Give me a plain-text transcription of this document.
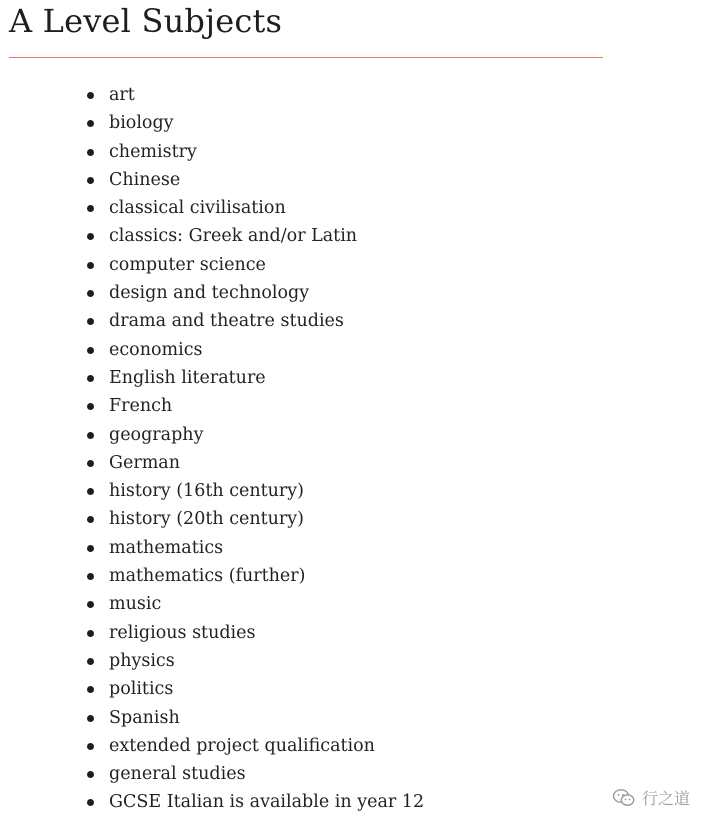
A Level Subjects
art
biology
chemistry
Chinese
classical civilisation
classics: Greek and/or Latin
computer science
design and technology
drama and theatre studies
economics
English literature
French
geography
German
history (16th century)
history (20th century)
mathematics
mathematics (further)
music
religious studies
physics
politics
Spanish
extended project qualification
general studies
GCSE Italian is available in year 12	行之道
